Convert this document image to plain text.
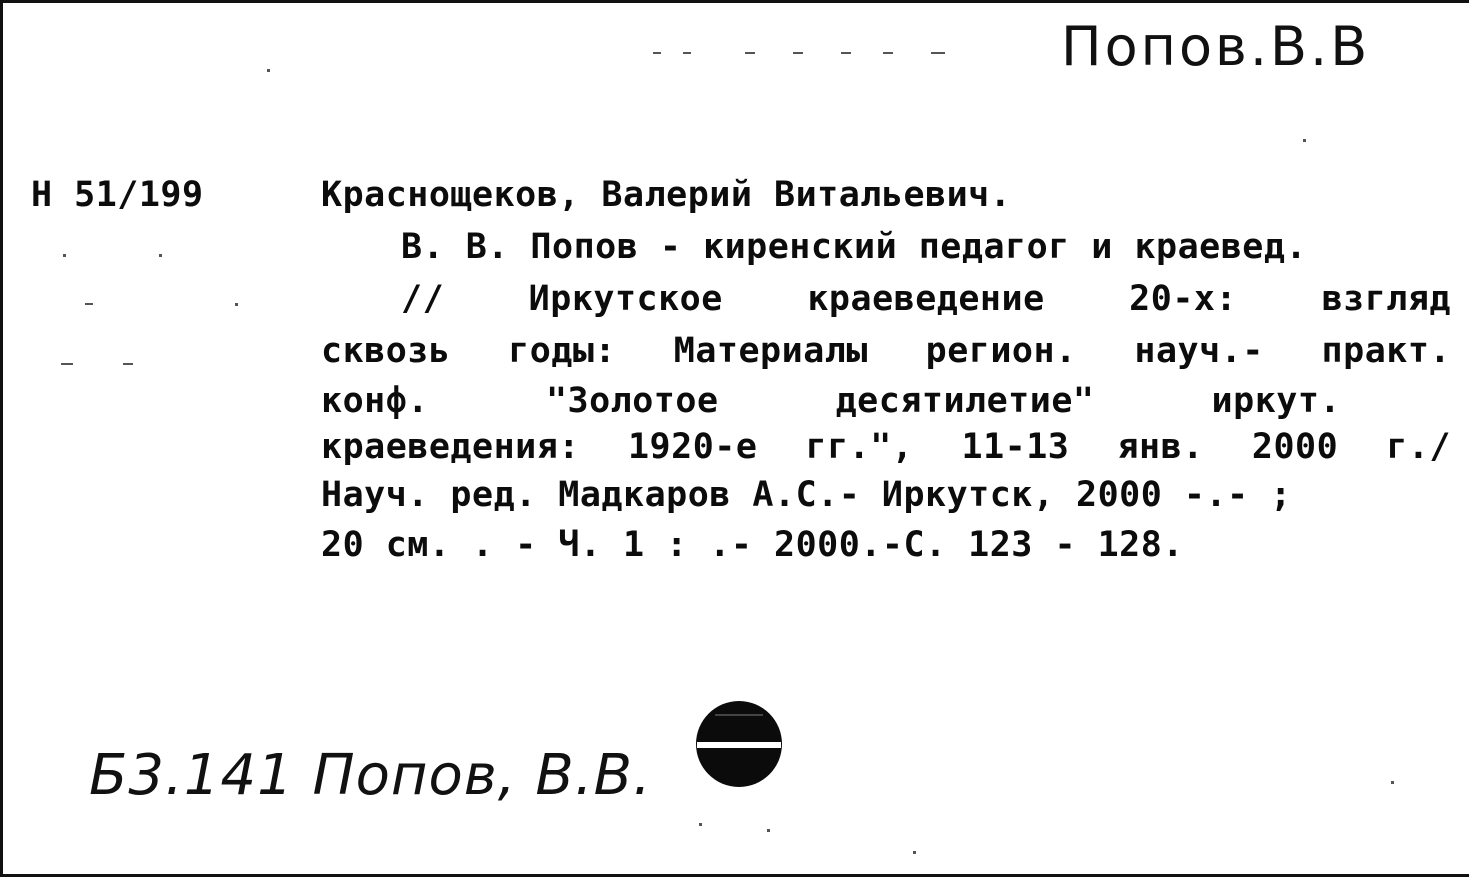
Попов.В.В
Н 51/199	Краснощеков, Валерий Витальевич.
В. В. Попов - киренский педагог и краевед.
// Иркутское краеведение 20-х: взгляд
сквозь годы: Материалы регион. науч.- практ.
конф. "Золотое десятилетие" иркут.
краеведения: 1920-е гг.", 11-13 янв. 2000 г./
Науч. ред. Мадкаров А.С.- Иркутск, 2000 -.- ;
20 см. . - Ч. 1 : .- 2000.-С. 123 - 128.
Б3.141 Попов, В.В.
